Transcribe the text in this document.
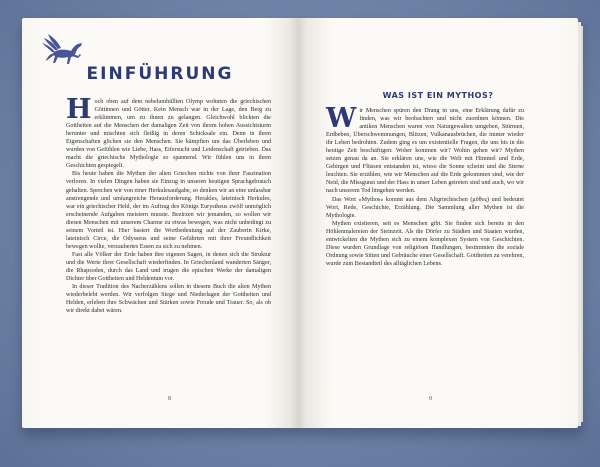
EINFÜHRUNG

Hoch oben auf dem nebelumhüllten Olymp wohnten die griechischen Göttinnen und Götter. Kein Mensch war in der Lage, den Berg zu erklimmen, um zu ihnen zu gelangen. Gleichwohl blickten die Gottheiten auf die Menschen der damaligen Zeit von ihrem hohen Aussichtsturm herunter und mischten sich fleißig in deren Schicksale ein. Denn in ihren Eigenschaften glichen sie den Menschen. Sie kämpften um das Überleben und wurden von Gefühlen wie Liebe, Hass, Eifersucht und Leidenschaft getrieben. Das macht die griechische Mythologie so spannend. Wir fühlen uns in ihren Geschichten gespiegelt.

Bis heute haben die Mythen der alten Griechen nichts von ihrer Faszination verloren. In vielen Dingen haben sie Einzug in unseren heutigen Sprachgebrauch gehalten. Sprechen wir von einer Herkulesaufgabe, so denken wir an eine unfassbar anstrengende und umfangreiche Herausforderung. Herakles, lateinisch Herkules, war ein griechischer Held, der im Auftrag des Königs Eurystheus zwölf unmöglich erscheinende Aufgaben meistern musste. Bezirzen wir jemanden, so wollen wir diesen Menschen mit unserem Charme zu etwas bewegen, was nicht unbedingt zu seinem Vorteil ist. Hier basiert die Wortbedeutung auf der Zauberin Kirke, lateinisch Circe, die Odysseus und seine Gefährten mit ihrer Freundlichkeit bewegen wollte, verzaubertes Essen zu sich zu nehmen.

Fast alle Völker der Erde haben ihre eigenen Sagen, in denen sich die Struktur und die Werte ihrer Gesellschaft wiederfinden. In Griechenland wanderten Sänger, die Rhapsoden, durch das Land und trugen die epischen Werke der damaligen Dichter über Gottheiten und Heldentum vor.

In dieser Tradition des Nacherzählens sollen in diesem Buch die alten Mythen wiederbelebt werden. Wir verfolgen Siege und Niederlagen der Gottheiten und Helden, erleben ihre Schwächen und Stärken sowie Freude und Trauer. So, als ob wir direkt dabei wären.

8
WAS IST EIN MYTHOS?

Wir Menschen spüren den Drang in uns, eine Erklärung dafür zu finden, was wir beobachten und nicht zuordnen können. Die antiken Menschen waren von Naturgewalten umgeben, Stürmen, Erdbeben, Überschwemmungen, Blitzen, Vulkanausbrüchen, die immer wieder ihr Leben bedrohten. Zudem ging es um existentielle Fragen, die uns bis in die heutige Zeit beschäftigen: Woher kommen wir? Wohin gehen wir? Mythen setzen genau da an. Sie erklären uns, wie die Welt mit Himmel und Erde, Gebirgen und Flüssen entstanden ist, wieso die Sonne scheint und die Sterne leuchten. Sie erzählen, wie wir Menschen auf die Erde gekommen sind, wie der Neid, die Missgunst und der Hass in unser Leben getreten sind und auch, wo wir nach unserem Tod hingehen werden.

Das Wort »Mythos« kommt aus dem Altgriechischen (μῦθος) und bedeutet Wort, Rede, Geschichte, Erzählung. Die Sammlung aller Mythen ist die Mythologie.

Mythen existieren, seit es Menschen gibt. Sie finden sich bereits in den Höhlenmalereien der Steinzeit. Als die Dörfer zu Städten und Staaten wurden, entwickelten die Mythen sich zu einem komplexen System von Geschichten. Diese wurden Grundlage von religiösen Handlungen, bestimmten die soziale Ordnung sowie Sitten und Gebräuche einer Gesellschaft. Gottheiten zu verehren, wurde zum Bestandteil des alltäglichen Lebens.

9
